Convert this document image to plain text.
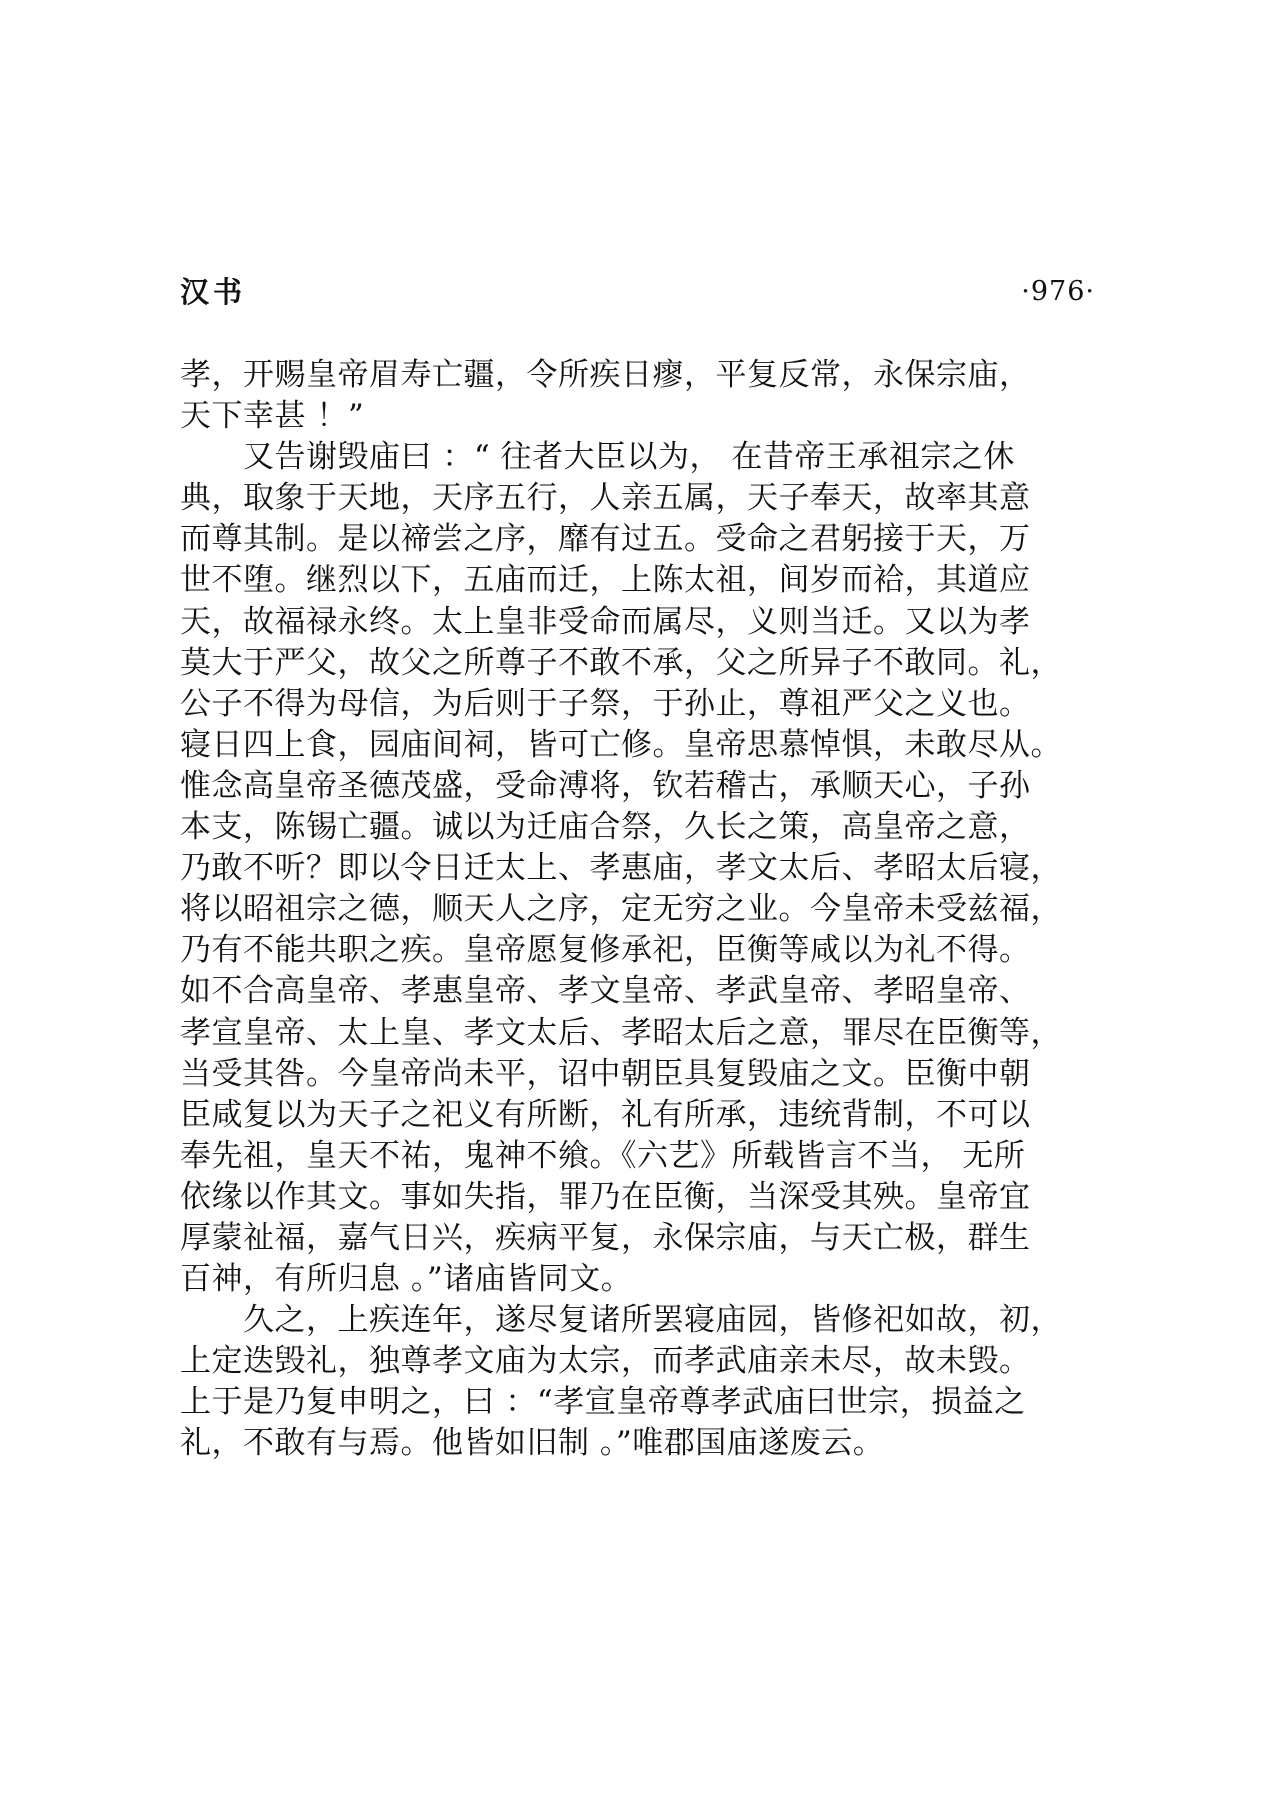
汉书	·976·
孝，开赐皇帝眉寿亡疆，令所疾日瘳，平复反常，永保宗庙，
天下幸甚 ！”
　　又告谢毁庙曰 ：“ 往者大臣以为， 在昔帝王承祖宗之休
典，取象于天地，天序五行，人亲五属，天子奉天，故率其意
而尊其制。是以禘尝之序，靡有过五。受命之君躬接于天，万
世不堕。继烈以下，五庙而迁，上陈太祖，间岁而袷，其道应
天，故福禄永终。太上皇非受命而属尽，义则当迁。又以为孝
莫大于严父，故父之所尊子不敢不承，父之所异子不敢同。礼，
公子不得为母信，为后则于子祭，于孙止，尊祖严父之义也。
寝日四上食，园庙间祠，皆可亡修。皇帝思慕悼惧，未敢尽从。
惟念高皇帝圣德茂盛，受命溥将，钦若稽古，承顺天心，子孙
本支，陈锡亡疆。诚以为迁庙合祭，久长之策，高皇帝之意，
乃敢不听？即以令日迁太上、孝惠庙，孝文太后、孝昭太后寝，
将以昭祖宗之德，顺天人之序，定无穷之业。今皇帝未受兹福，
乃有不能共职之疾。皇帝愿复修承祀，臣衡等咸以为礼不得。
如不合高皇帝、孝惠皇帝、孝文皇帝、孝武皇帝、孝昭皇帝、
孝宣皇帝、太上皇、孝文太后、孝昭太后之意，罪尽在臣衡等，
当受其咎。今皇帝尚未平，诏中朝臣具复毁庙之文。臣衡中朝
臣咸复以为天子之祀义有所断，礼有所承，违统背制，不可以
奉先祖，皇天不祐，鬼神不飨。《六艺》所载皆言不当， 无所
依缘以作其文。事如失指，罪乃在臣衡，当深受其殃。皇帝宜
厚蒙祉福，嘉气日兴，疾病平复，永保宗庙，与天亡极，群生
百神，有所归息 。”诸庙皆同文。
　　久之，上疾连年，遂尽复诸所罢寝庙园，皆修祀如故，初，
上定迭毁礼，独尊孝文庙为太宗，而孝武庙亲未尽，故未毁。
上于是乃复申明之，曰 ：“孝宣皇帝尊孝武庙曰世宗，损益之
礼，不敢有与焉。他皆如旧制 。”唯郡国庙遂废云。
